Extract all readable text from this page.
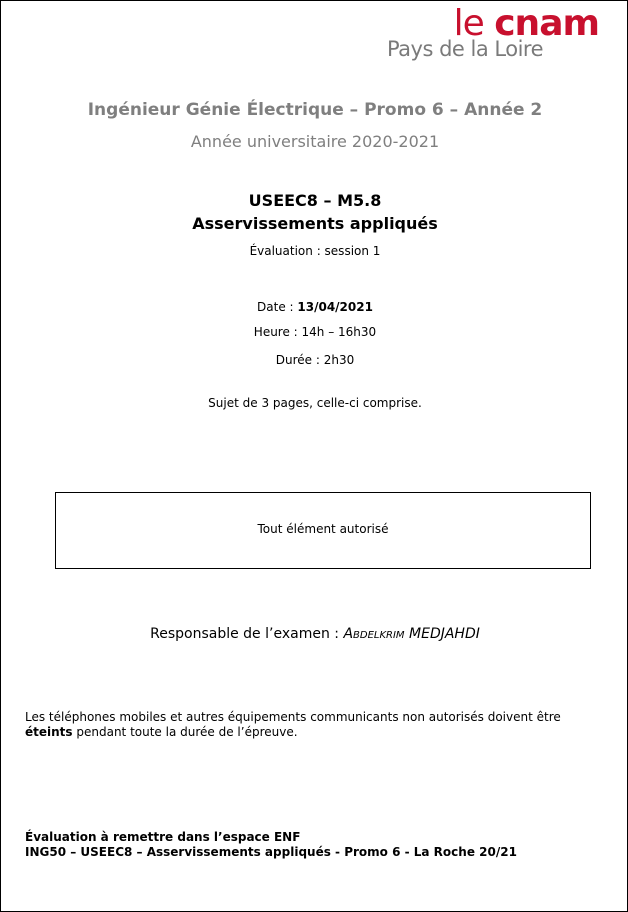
le cnam
Pays de la Loire
Ingénieur Génie Électrique – Promo 6 – Année 2
Année universitaire 2020-2021
USEEC8 – M5.8
Asservissements appliqués
Évaluation : session 1
Date : 13/04/2021
Heure : 14h – 16h30
Durée : 2h30
Sujet de 3 pages, celle-ci comprise.
Tout élément autorisé
Responsable de l’examen : ABDELKRIM MEDJAHDI
Les téléphones mobiles et autres équipements communicants non autorisés doivent être éteints pendant toute la durée de l’épreuve.
Évaluation à remettre dans l’espace ENF
ING50 – USEEC8 – Asservissements appliqués - Promo 6 - La Roche 20/21
